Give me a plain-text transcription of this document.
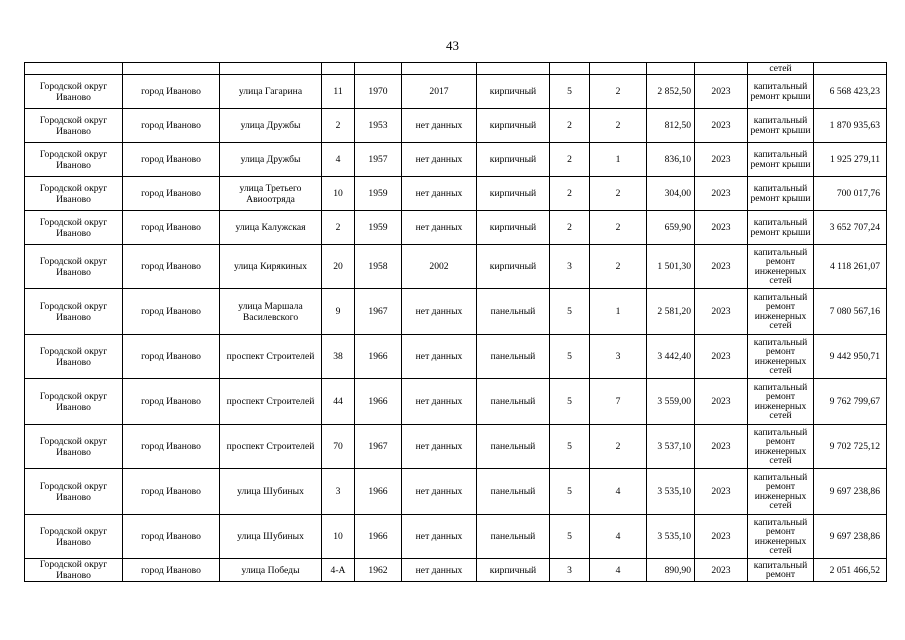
43
											сетей	
Городской округ Иваново	город Иваново	улица Гагарина	11	1970	2017	кирпичный	5	2	2 852,50	2023	капитальный ремонт крыши	6 568 423,23
Городской округ Иваново	город Иваново	улица Дружбы	2	1953	нет данных	кирпичный	2	2	812,50	2023	капитальный ремонт крыши	1 870 935,63
Городской округ Иваново	город Иваново	улица Дружбы	4	1957	нет данных	кирпичный	2	1	836,10	2023	капитальный ремонт крыши	1 925 279,11
Городской округ Иваново	город Иваново	улица Третьего Авиоотряда	10	1959	нет данных	кирпичный	2	2	304,00	2023	капитальный ремонт крыши	700 017,76
Городской округ Иваново	город Иваново	улица Калужская	2	1959	нет данных	кирпичный	2	2	659,90	2023	капитальный ремонт крыши	3 652 707,24
Городской округ Иваново	город Иваново	улица Кирякиных	20	1958	2002	кирпичный	3	2	1 501,30	2023	капитальный ремонт инженерных сетей	4 118 261,07
Городской округ Иваново	город Иваново	улица Маршала Василевского	9	1967	нет данных	панельный	5	1	2 581,20	2023	капитальный ремонт инженерных сетей	7 080 567,16
Городской округ Иваново	город Иваново	проспект Строителей	38	1966	нет данных	панельный	5	3	3 442,40	2023	капитальный ремонт инженерных сетей	9 442 950,71
Городской округ Иваново	город Иваново	проспект Строителей	44	1966	нет данных	панельный	5	7	3 559,00	2023	капитальный ремонт инженерных сетей	9 762 799,67
Городской округ Иваново	город Иваново	проспект Строителей	70	1967	нет данных	панельный	5	2	3 537,10	2023	капитальный ремонт инженерных сетей	9 702 725,12
Городской округ Иваново	город Иваново	улица Шубиных	3	1966	нет данных	панельный	5	4	3 535,10	2023	капитальный ремонт инженерных сетей	9 697 238,86
Городской округ Иваново	город Иваново	улица Шубиных	10	1966	нет данных	панельный	5	4	3 535,10	2023	капитальный ремонт инженерных сетей	9 697 238,86
Городской округ Иваново	город Иваново	улица Победы	4-А	1962	нет данных	кирпичный	3	4	890,90	2023	капитальный ремонт	2 051 466,52
